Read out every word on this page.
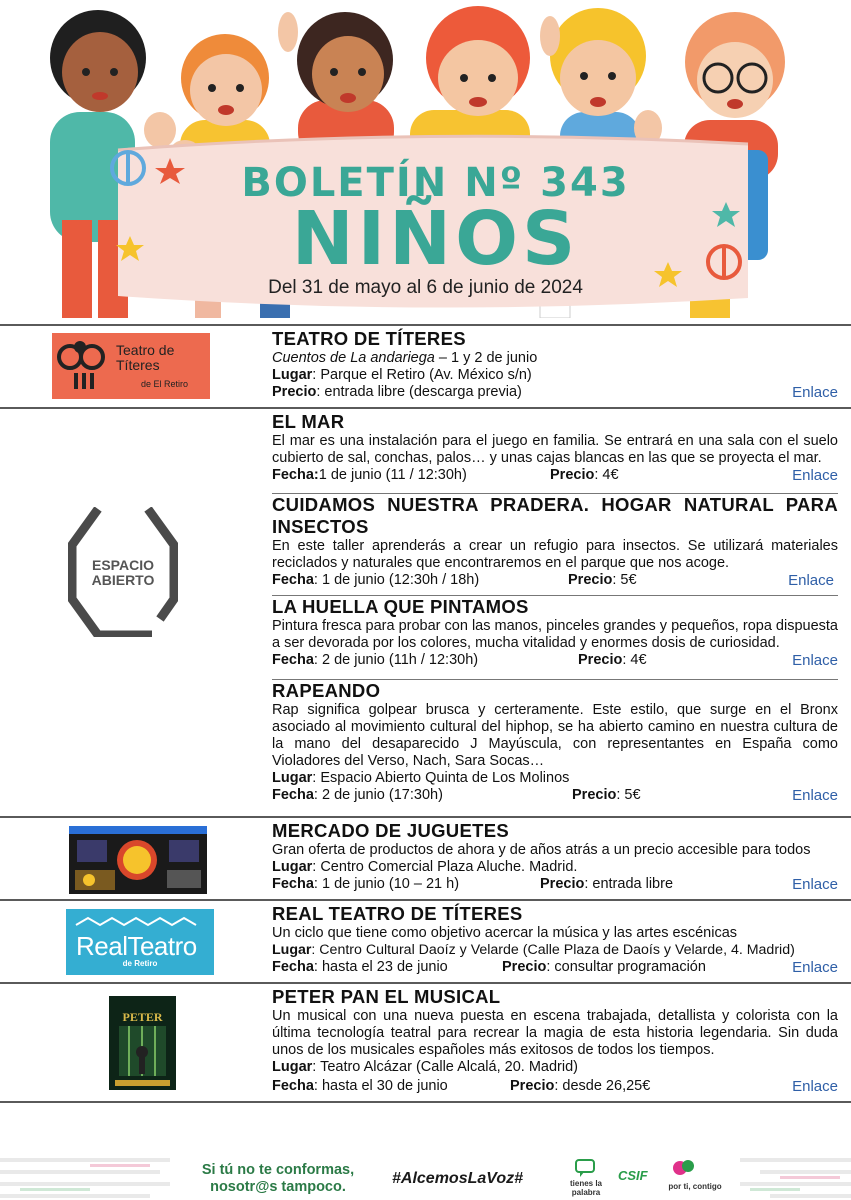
BOLETÍN Nº 343
NIÑOS
Del 31 de mayo al 6 de junio de 2024
Teatro de
Títeres
de El Retiro
TEATRO DE TÍTERES

Cuentos de La andariega – 1 y 2 de junio

Lugar: Parque el Retiro (Av. México s/n)

Precio: entrada libre (descarga previa)	Enlace
ESPACIO
ABIERTO
EL MAR

El mar es una instalación para el juego en familia. Se entrará en una sala con el suelo cubierto de sal, conchas, palos… y unas cajas blancas en las que se proyecta el mar.

Fecha:1 de junio (11 / 12:30h)	Precio: 4€	Enlace
CUIDAMOS NUESTRA PRADERA. HOGAR NATURAL PARA INSECTOS

En este taller aprenderás a crear un refugio para insectos. Se utilizará materiales reciclados y naturales que encontraremos en el parque que nos acoge.

Fecha: 1 de junio (12:30h / 18h)	Precio: 5€	Enlace
LA HUELLA QUE PINTAMOS

Pintura fresca para probar con las manos, pinceles grandes y pequeños, ropa dispuesta a ser devorada por los colores, mucha vitalidad y enormes dosis de curiosidad.

Fecha: 2 de junio (11h / 12:30h)	Precio: 4€	Enlace
RAPEANDO

Rap significa golpear brusca y certeramente. Este estilo, que surge en el Bronx asociado al movimiento cultural del hiphop, se ha abierto camino en nuestra cultura de la mano del desaparecido J Mayúscula, con representantes en España como Violadores del Verso, Nach, Sara Socas…

Lugar: Espacio Abierto Quinta de Los Molinos

Fecha: 2 de junio (17:30h)	Precio: 5€	Enlace
MERCADO DE JUGUETES

Gran oferta de productos de ahora y de años atrás a un precio accesible para todos

Lugar: Centro Comercial Plaza Aluche. Madrid.

Fecha: 1 de junio (10 – 21 h)	Precio: entrada libre	Enlace
RealTeatro
de Retiro
REAL TEATRO DE TÍTERES

Un ciclo que tiene como objetivo acercar la música y las artes escénicas

Lugar: Centro Cultural Daoíz y Velarde (Calle Plaza de Daoís y Velarde, 4. Madrid)

Fecha: hasta el 23 de junio	Precio: consultar programación	Enlace
PETER
PETER PAN EL MUSICAL

Un musical con una nueva puesta en escena trabajada, detallista y colorista con la última tecnología teatral para recrear la magia de esta historia legendaria. Sin duda unos de los musicales españoles más exitosos de todos los tiempos.

Lugar: Teatro Alcázar (Calle Alcalá, 20. Madrid)

Fecha: hasta el 30 de junio	Precio: desde 26,25€	Enlace
Si tú no te conformas,
nosotr@s tampoco.	#AlcemosLaVoz#	tienes la
palabra
CSIF
por ti, contigo
